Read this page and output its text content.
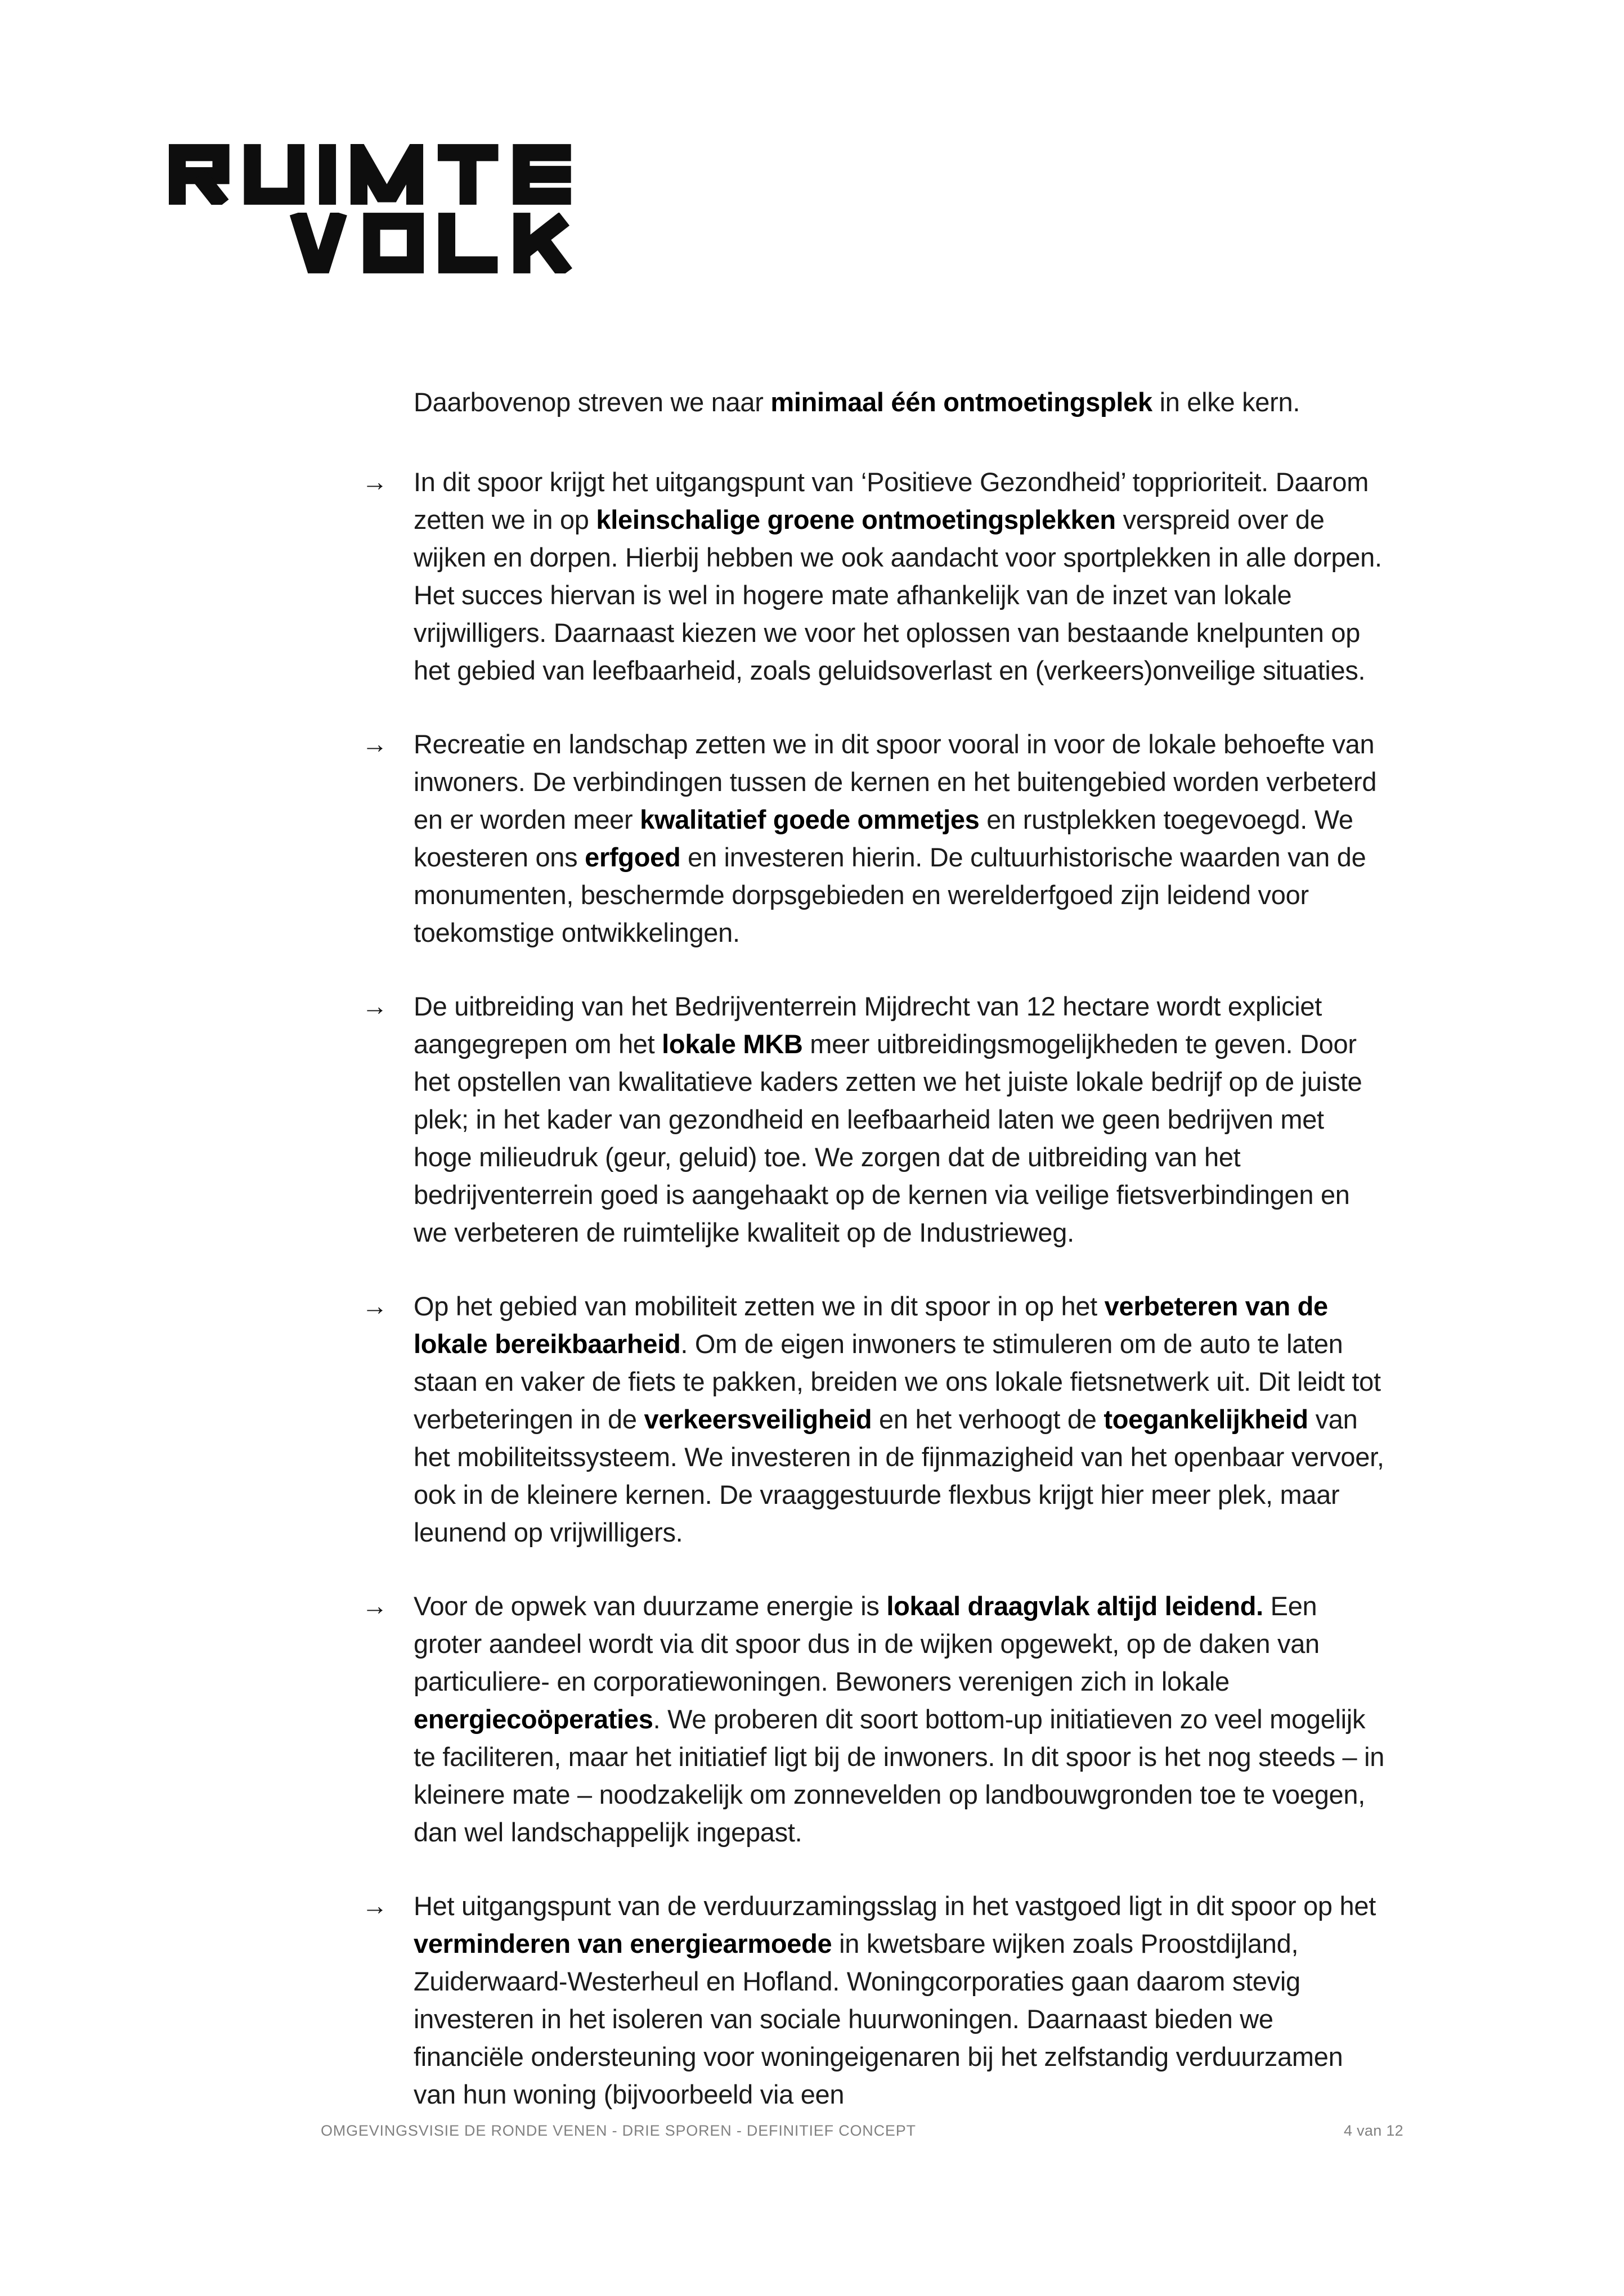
Daarbovenop streven we naar minimaal één ontmoetingsplek in elke kern.

→ In dit spoor krijgt het uitgangspunt van ‘Positieve Gezondheid’ topprioriteit. Daarom zetten we in op kleinschalige groene ontmoetingsplekken verspreid over de wijken en dorpen. Hierbij hebben we ook aandacht voor sportplekken in alle dorpen. Het succes hiervan is wel in hogere mate afhankelijk van de inzet van lokale vrijwilligers. Daarnaast kiezen we voor het oplossen van bestaande knelpunten op het gebied van leefbaarheid, zoals geluidsoverlast en (verkeers)onveilige situaties.

→ Recreatie en landschap zetten we in dit spoor vooral in voor de lokale behoefte van inwoners. De verbindingen tussen de kernen en het buitengebied worden verbeterd en er worden meer kwalitatief goede ommetjes en rustplekken toegevoegd. We koesteren ons erfgoed en investeren hierin. De cultuurhistorische waarden van de monumenten, beschermde dorpsgebieden en werelderfgoed zijn leidend voor toekomstige ontwikkelingen.

→ De uitbreiding van het Bedrijventerrein Mijdrecht van 12 hectare wordt expliciet aangegrepen om het lokale MKB meer uitbreidingsmogelijkheden te geven. Door het opstellen van kwalitatieve kaders zetten we het juiste lokale bedrijf op de juiste plek; in het kader van gezondheid en leefbaarheid laten we geen bedrijven met hoge milieudruk (geur, geluid) toe. We zorgen dat de uitbreiding van het bedrijventerrein goed is aangehaakt op de kernen via veilige fietsverbindingen en we verbeteren de ruimtelijke kwaliteit op de Industrieweg.

→ Op het gebied van mobiliteit zetten we in dit spoor in op het verbeteren van de lokale bereikbaarheid. Om de eigen inwoners te stimuleren om de auto te laten staan en vaker de fiets te pakken, breiden we ons lokale fietsnetwerk uit. Dit leidt tot verbeteringen in de verkeersveiligheid en het verhoogt de toegankelijkheid van het mobiliteitssysteem. We investeren in de fijnmazigheid van het openbaar vervoer, ook in de kleinere kernen. De vraaggestuurde flexbus krijgt hier meer plek, maar leunend op vrijwilligers.

→ Voor de opwek van duurzame energie is lokaal draagvlak altijd leidend. Een groter aandeel wordt via dit spoor dus in de wijken opgewekt, op de daken van particuliere- en corporatiewoningen. Bewoners verenigen zich in lokale energiecoöperaties. We proberen dit soort bottom-up initiatieven zo veel mogelijk te faciliteren, maar het initiatief ligt bij de inwoners. In dit spoor is het nog steeds – in kleinere mate – noodzakelijk om zonnevelden op landbouwgronden toe te voegen, dan wel landschappelijk ingepast.

→ Het uitgangspunt van de verduurzamingsslag in het vastgoed ligt in dit spoor op het verminderen van energiearmoede in kwetsbare wijken zoals Proostdijland, Zuiderwaard-Westerheul en Hofland. Woningcorporaties gaan daarom stevig investeren in het isoleren van sociale huurwoningen. Daarnaast bieden we financiële ondersteuning voor woningeigenaren bij het zelfstandig verduurzamen van hun woning (bijvoorbeeld via een

OMGEVINGSVISIE DE RONDE VENEN - DRIE SPOREN - DEFINITIEF CONCEPT	4 van 12
